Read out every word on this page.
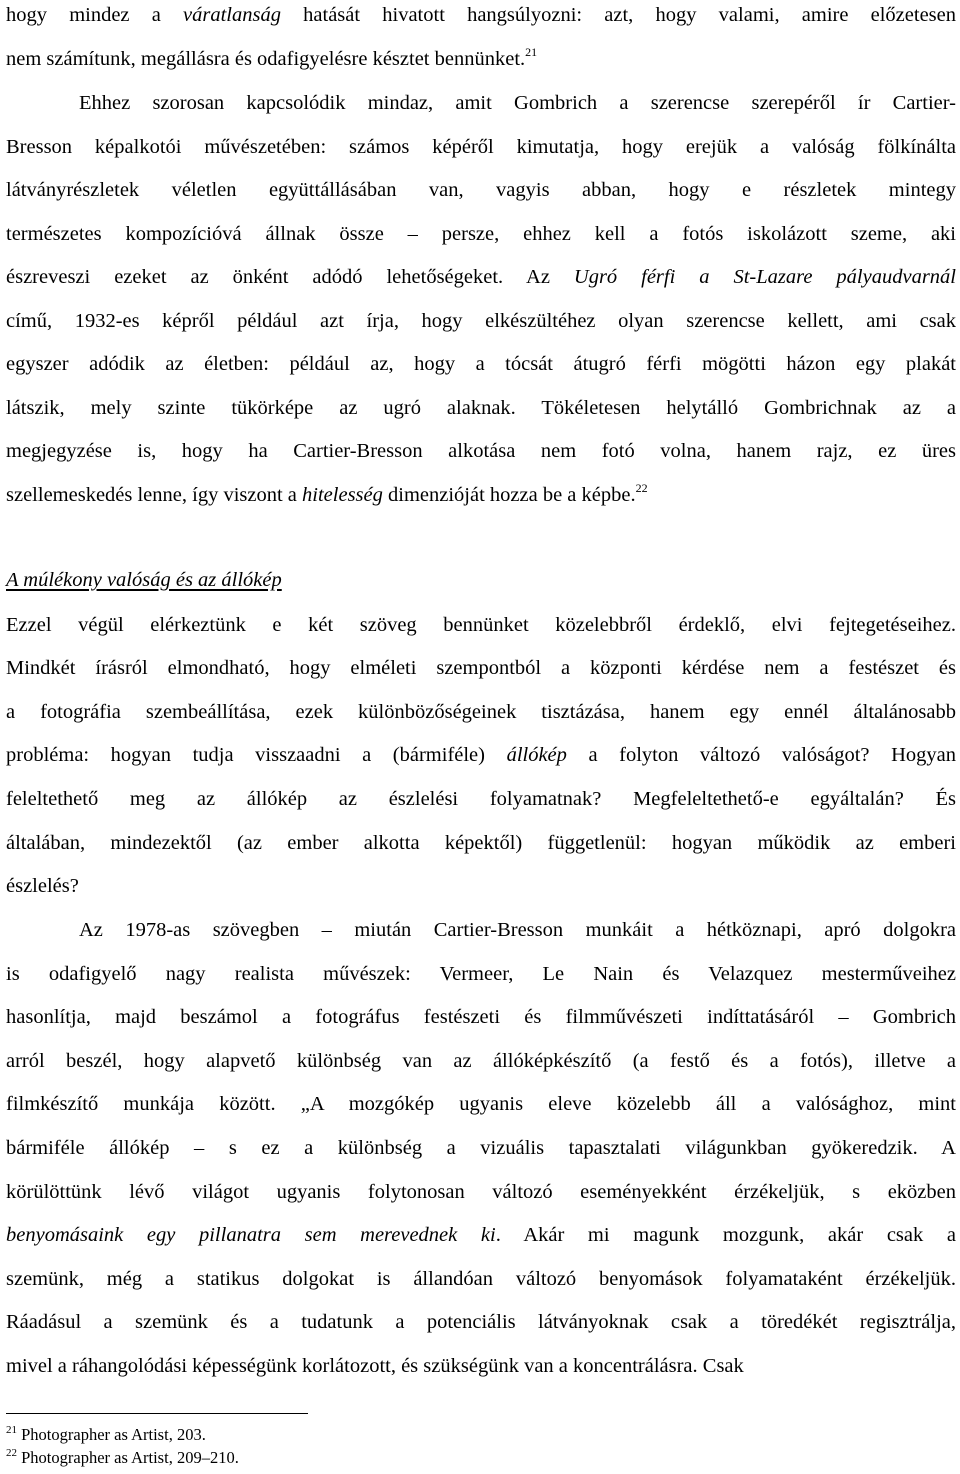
hogy mindez a váratlanság hatását hivatott hangsúlyozni: azt, hogy valami, amire előzetesen
nem számítunk, megállásra és odafigyelésre késztet bennünket.$^{21}$
Ehhez szorosan kapcsolódik mindaz, amit Gombrich a szerencse szerepéről ír Cartier-
Bresson képalkotói művészetében: számos képéről kimutatja, hogy erejük a valóság fölkínálta
látványrészletek véletlen együttállásában van, vagyis abban, hogy e részletek mintegy
természetes kompozícióvá állnak össze – persze, ehhez kell a fotós iskolázott szeme, aki
észreveszi ezeket az önként adódó lehetőségeket. Az Ugró férfi a St-Lazare pályaudvarnál
című, 1932-es képről például azt írja, hogy elkészültéhez olyan szerencse kellett, ami csak
egyszer adódik az életben: például az, hogy a tócsát átugró férfi mögötti házon egy plakát
látszik, mely szinte tükörképe az ugró alaknak. Tökéletesen helytálló Gombrichnak az a
megjegyzése is, hogy ha Cartier-Bresson alkotása nem fotó volna, hanem rajz, ez üres
szellemeskedés lenne, így viszont a hitelesség dimenzióját hozza be a képbe.$^{22}$
A múlékony valóság és az állókép
Ezzel végül elérkeztünk e két szöveg bennünket közelebbről érdeklő, elvi fejtegetéseihez.
Mindkét írásról elmondható, hogy elméleti szempontból a központi kérdése nem a festészet és
a fotográfia szembeállítása, ezek különbözőségeinek tisztázása, hanem egy ennél általánosabb
probléma: hogyan tudja visszaadni a (bármiféle) állókép a folyton változó valóságot? Hogyan
feleltethető meg az állókép az észlelési folyamatnak? Megfeleltethető-e egyáltalán? És
általában, mindezektől (az ember alkotta képektől) függetlenül: hogyan működik az emberi
észlelés?
Az 1978-as szövegben – miután Cartier-Bresson munkáit a hétköznapi, apró dolgokra
is odafigyelő nagy realista művészek: Vermeer, Le Nain és Velazquez mesterműveihez
hasonlítja, majd beszámol a fotográfus festészeti és filmművészeti indíttatásáról – Gombrich
arról beszél, hogy alapvető különbség van az állóképkészítő (a festő és a fotós), illetve a
filmkészítő munkája között. „A mozgókép ugyanis eleve közelebb áll a valósághoz, mint
bármiféle állókép – s ez a különbség a vizuális tapasztalati világunkban gyökeredzik. A
körülöttünk lévő világot ugyanis folytonosan változó eseményekként érzékeljük, s eközben
benyomásaink egy pillanatra sem merevednek ki. Akár mi magunk mozgunk, akár csak a
szemünk, még a statikus dolgokat is állandóan változó benyomások folyamataként érzékeljük.
Ráadásul a szemünk és a tudatunk a potenciális látványoknak csak a töredékét regisztrálja,
mivel a ráhangolódási képességünk korlátozott, és szükségünk van a koncentrálásra. Csak
$^{21}$ Photographer as Artist, 203.
$^{22}$ Photographer as Artist, 209–210.
